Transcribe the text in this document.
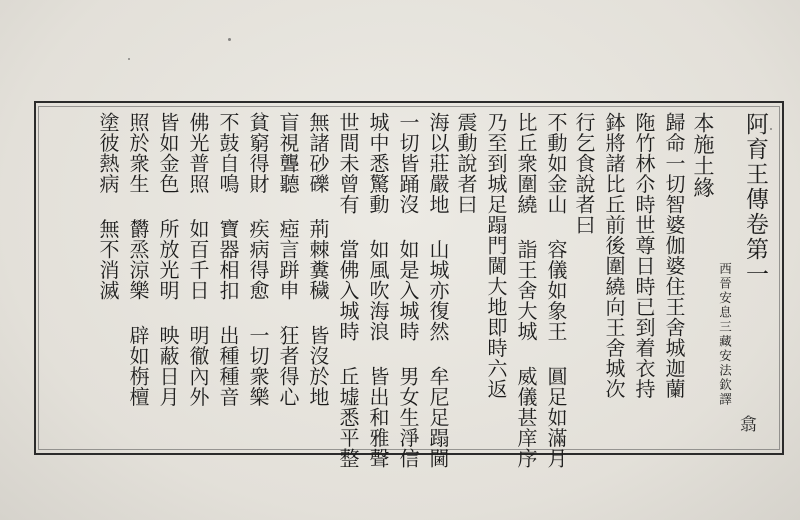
阿育王傳卷第一
西晉安息三藏安法欽譯
翕
本施土緣
歸命一切智婆伽婆住王舍城迦蘭
陁竹林尒時世尊日時已到着衣持
鉢將諸比丘前後圍繞向王舍城次
行乞食說者曰
不動如金山 容儀如象王 圓足如滿月
比丘衆圍繞 詣王舍大城 威儀甚庠序
乃至到城足蹋門閫大地即時六返
震動說者曰
海以莊嚴地 山城亦復然 牟尼足蹋閫
一切皆踊沒 如是入城時 男女生淨信
城中悉驚動 如風吹海浪 皆出和雅聲
世間未曾有 當佛入城時 丘墟悉平整
無諸砂礫 荊棘糞穢 皆沒於地
盲視聾聽 瘂言跰申 狂者得心
貧窮得財 疾病得愈 一切衆樂
不鼓自鳴 寶器相扣 出種種音
佛光普照 如百千日 明徹內外
皆如金色 所放光明 映蔽日月
照於衆生 欝烝涼樂 辟如栴檀
塗彼熱病 無不消滅
